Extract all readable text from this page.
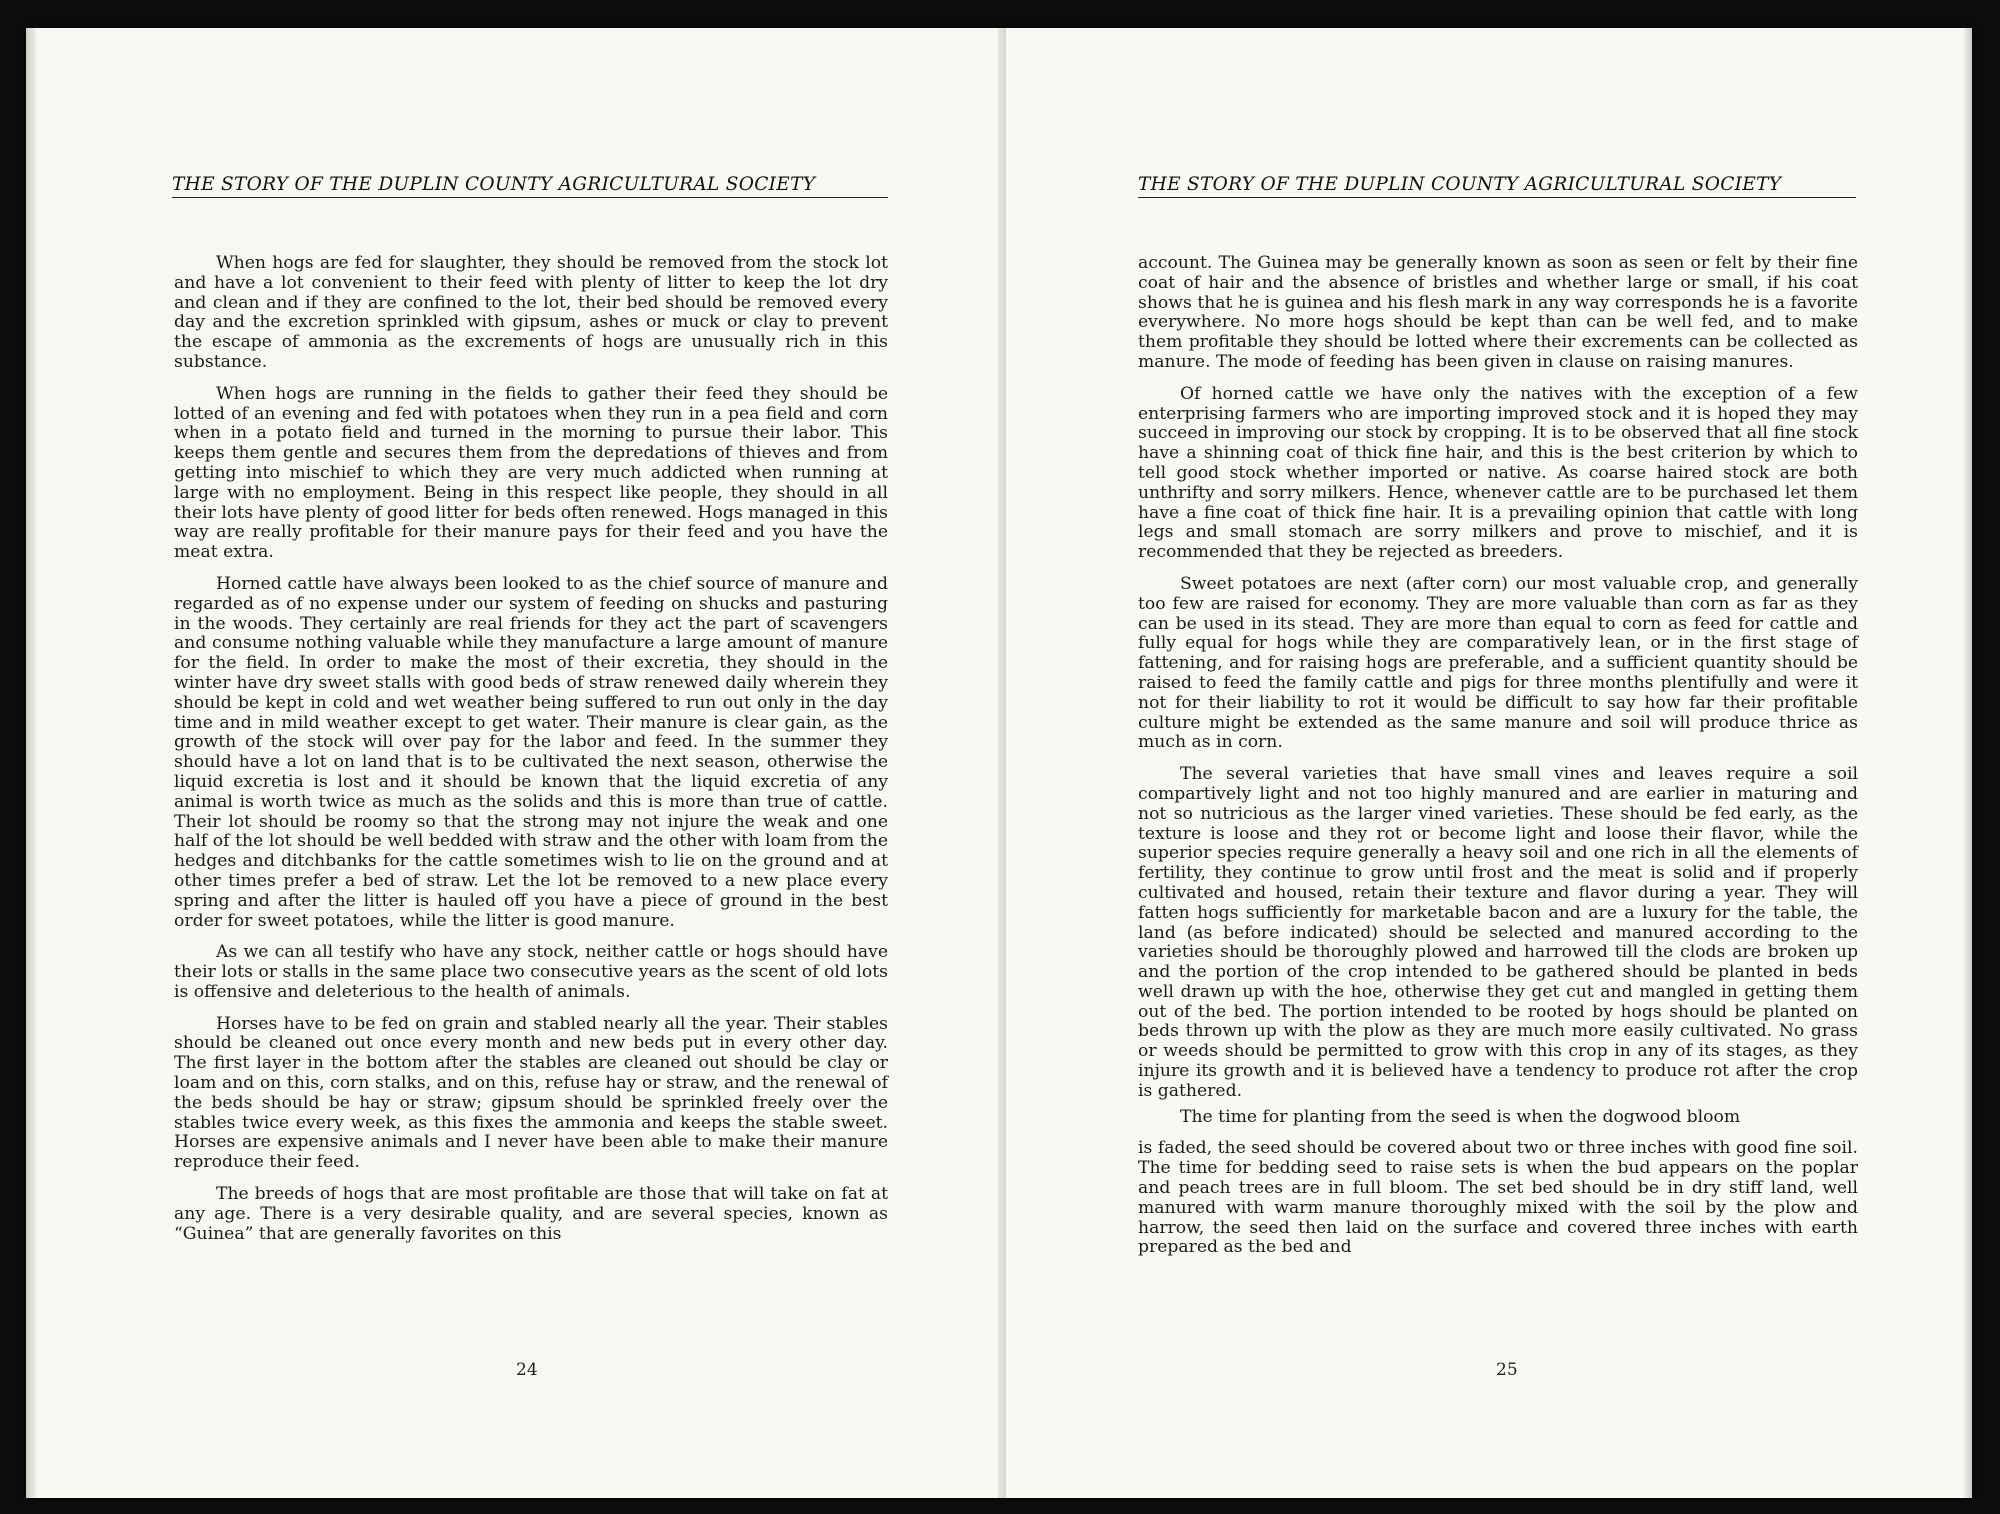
THE STORY OF THE DUPLIN COUNTY AGRICULTURAL SOCIETY

When hogs are fed for slaughter, they should be removed from the stock lot and have a lot convenient to their feed with plenty of litter to keep the lot dry and clean and if they are confined to the lot, their bed should be removed every day and the excretion sprinkled with gipsum, ashes or muck or clay to prevent the escape of ammonia as the excrements of hogs are unusually rich in this substance.

When hogs are running in the fields to gather their feed they should be lotted of an evening and fed with potatoes when they run in a pea field and corn when in a potato field and turned in the morning to pursue their labor. This keeps them gentle and secures them from the depredations of thieves and from getting into mischief to which they are very much addicted when running at large with no employment. Being in this respect like people, they should in all their lots have plenty of good litter for beds often renewed. Hogs managed in this way are really profitable for their manure pays for their feed and you have the meat extra.

Horned cattle have always been looked to as the chief source of manure and regarded as of no expense under our system of feeding on shucks and pasturing in the woods. They certainly are real friends for they act the part of scavengers and consume nothing valuable while they manufacture a large amount of manure for the field. In order to make the most of their excretia, they should in the winter have dry sweet stalls with good beds of straw renewed daily wherein they should be kept in cold and wet weather being suffered to run out only in the day time and in mild weather except to get water. Their manure is clear gain, as the growth of the stock will over pay for the labor and feed. In the summer they should have a lot on land that is to be cultivated the next season, otherwise the liquid excretia is lost and it should be known that the liquid excretia of any animal is worth twice as much as the solids and this is more than true of cattle. Their lot should be roomy so that the strong may not injure the weak and one half of the lot should be well bedded with straw and the other with loam from the hedges and ditchbanks for the cattle sometimes wish to lie on the ground and at other times prefer a bed of straw. Let the lot be removed to a new place every spring and after the litter is hauled off you have a piece of ground in the best order for sweet potatoes, while the litter is good manure.

As we can all testify who have any stock, neither cattle or hogs should have their lots or stalls in the same place two consecutive years as the scent of old lots is offensive and deleterious to the health of animals.

Horses have to be fed on grain and stabled nearly all the year. Their stables should be cleaned out once every month and new beds put in every other day. The first layer in the bottom after the stables are cleaned out should be clay or loam and on this, corn stalks, and on this, refuse hay or straw, and the renewal of the beds should be hay or straw; gipsum should be sprinkled freely over the stables twice every week, as this fixes the ammonia and keeps the stable sweet. Horses are expensive animals and I never have been able to make their manure reproduce their feed.

The breeds of hogs that are most profitable are those that will take on fat at any age. There is a very desirable quality, and are several species, known as “Guinea” that are generally favorites on this

24
THE STORY OF THE DUPLIN COUNTY AGRICULTURAL SOCIETY

account. The Guinea may be generally known as soon as seen or felt by their fine coat of hair and the absence of bristles and whether large or small, if his coat shows that he is guinea and his flesh mark in any way corresponds he is a favorite everywhere. No more hogs should be kept than can be well fed, and to make them profitable they should be lotted where their excrements can be collected as manure. The mode of feeding has been given in clause on raising manures.

Of horned cattle we have only the natives with the exception of a few enterprising farmers who are importing improved stock and it is hoped they may succeed in improving our stock by cropping. It is to be observed that all fine stock have a shinning coat of thick fine hair, and this is the best criterion by which to tell good stock whether imported or native. As coarse haired stock are both unthrifty and sorry milkers. Hence, whenever cattle are to be purchased let them have a fine coat of thick fine hair. It is a prevailing opinion that cattle with long legs and small stomach are sorry milkers and prove to mischief, and it is recommended that they be rejected as breeders.

Sweet potatoes are next (after corn) our most valuable crop, and generally too few are raised for economy. They are more valuable than corn as far as they can be used in its stead. They are more than equal to corn as feed for cattle and fully equal for hogs while they are comparatively lean, or in the first stage of fattening, and for raising hogs are preferable, and a sufficient quantity should be raised to feed the family cattle and pigs for three months plentifully and were it not for their liability to rot it would be difficult to say how far their profitable culture might be extended as the same manure and soil will produce thrice as much as in corn.

The several varieties that have small vines and leaves require a soil compartively light and not too highly manured and are earlier in maturing and not so nutricious as the larger vined varieties. These should be fed early, as the texture is loose and they rot or become light and loose their flavor, while the superior species require generally a heavy soil and one rich in all the elements of fertility, they continue to grow until frost and the meat is solid and if properly cultivated and housed, retain their texture and flavor during a year. They will fatten hogs sufficiently for marketable bacon and are a luxury for the table, the land (as before indicated) should be selected and manured according to the varieties should be thoroughly plowed and harrowed till the clods are broken up and the portion of the crop intended to be gathered should be planted in beds well drawn up with the hoe, otherwise they get cut and mangled in getting them out of the bed. The portion intended to be rooted by hogs should be planted on beds thrown up with the plow as they are much more easily cultivated. No grass or weeds should be permitted to grow with this crop in any of its stages, as they injure its growth and it is believed have a tendency to produce rot after the crop is gathered.

The time for planting from the seed is when the dogwood bloom

is faded, the seed should be covered about two or three inches with good fine soil. The time for bedding seed to raise sets is when the bud appears on the poplar and peach trees are in full bloom. The set bed should be in dry stiff land, well manured with warm manure thoroughly mixed with the soil by the plow and harrow, the seed then laid on the surface and covered three inches with earth prepared as the bed and

25
